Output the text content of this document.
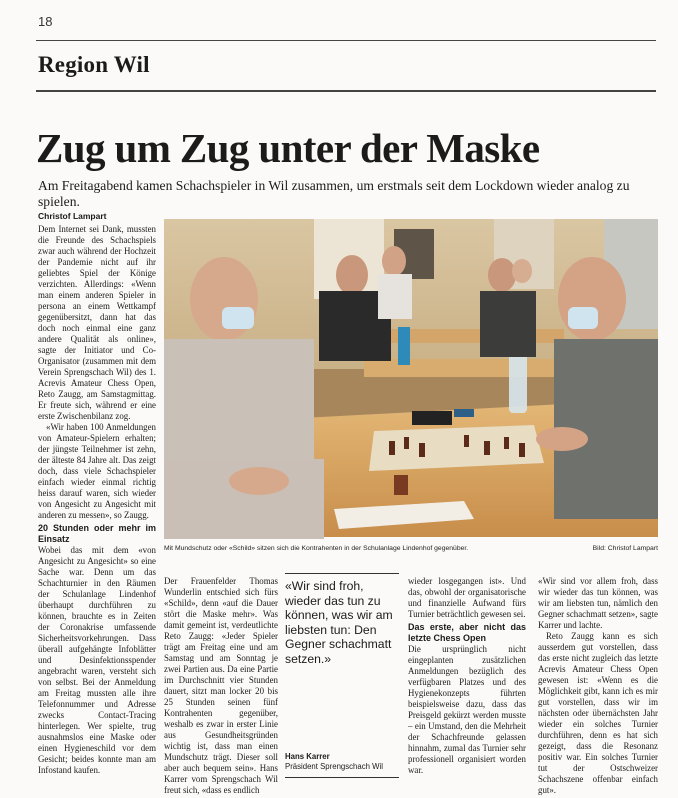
18
Region Wil
Zug um Zug unter der Maske
Am Freitagabend kamen Schachspieler in Wil zusammen, um erstmals seit dem Lockdown wieder analog zu spielen.
Christof Lampart

Dem Internet sei Dank, mussten die Freunde des Schachspiels zwar auch während der Hochzeit der Pandemie nicht auf ihr geliebtes Spiel der Könige verzichten. Allerdings: «Wenn man einem anderen Spieler in persona an einem Wettkampf gegenübersitzt, dann hat das doch noch einmal eine ganz andere Qualität als online», sagte der Initiator und Co-Organisator (zusammen mit dem Verein Sprengschach Wil) des 1. Acrevis Amateur Chess Open, Reto Zaugg, am Samstagmittag. Er freute sich, während er eine erste Zwischenbilanz zog.

«Wir haben 100 Anmeldungen von Amateur-Spielern erhalten; der jüngste Teilnehmer ist zehn, der älteste 84 Jahre alt. Das zeigt doch, dass viele Schachspieler einfach wieder einmal richtig heiss darauf waren, sich wieder von Angesicht zu Angesicht mit anderen zu messen», so Zaugg.

20 Stunden oder mehr im Einsatz

Wobei das mit dem «von Angesicht zu Angesicht» so eine Sache war. Denn um das Schachturnier in den Räumen der Schulanlage Lindenhof überhaupt durchführen zu können, brauchte es in Zeiten der Coronakrise umfassende Sicherheitsvorkehrungen. Dass überall aufgehängte Infoblätter und Desinfektionsspender angebracht waren, versteht sich von selbst. Bei der Anmeldung am Freitag mussten alle ihre Telefonnummer und Adresse zwecks Contact-Tracing hinterlegen. Wer spielte, trug ausnahmslos eine Maske oder einen Hygieneschild vor dem Gesicht; beides konnte man am Infostand kaufen.

Mit Mundschutz oder «Schild» sitzen sich die Kontrahenten in der Schulanlage Lindenhof gegenüber.	Bild: Christof Lampart

Der Frauenfelder Thomas Wunderlin entschied sich fürs «Schild», denn «auf die Dauer stört die Maske mehr». Was damit gemeint ist, verdeutlichte Reto Zaugg: «Jeder Spieler trägt am Freitag eine und am Samstag und am Sonntag je zwei Partien aus. Da eine Partie im Durchschnitt vier Stunden dauert, sitzt man locker 20 bis 25 Stunden seinen fünf Kontrahenten gegenüber, weshalb es zwar in erster Linie aus Gesundheitsgründen wichtig ist, dass man einen Mundschutz trägt. Dieser soll aber auch bequem sein». Hans Karrer vom Sprengschach Wil freut sich, «dass es endlich

«Wir sind froh, wieder das tun zu können, was wir am liebsten tun: Den Gegner schachmatt setzen.»
Hans Karrer
Präsident Sprengschach Wil

wieder losgegangen ist». Und das, obwohl der organisatorische und finanzielle Aufwand fürs Turnier beträchtlich gewesen sei.

Das erste, aber nicht das letzte Chess Open

Die ursprünglich nicht eingeplanten zusätzlichen Anmeldungen bezüglich des verfügbaren Platzes und des Hygienekonzepts führten beispielsweise dazu, dass das Preisgeld gekürzt werden musste – ein Umstand, den die Mehrheit der Schachfreunde gelassen hinnahm, zumal das Turnier sehr professionell organisiert worden war.

«Wir sind vor allem froh, dass wir wieder das tun können, was wir am liebsten tun, nämlich den Gegner schachmatt setzen», sagte Karrer und lachte.

Reto Zaugg kann es sich ausserdem gut vorstellen, dass das erste nicht zugleich das letzte Acrevis Amateur Chess Open gewesen ist: «Wenn es die Möglichkeit gibt, kann ich es mir gut vorstellen, dass wir im nächsten oder übernächsten Jahr wieder ein solches Turnier durchführen, denn es hat sich gezeigt, dass die Resonanz positiv war. Ein solches Turnier tut der Ostschweizer Schachszene offenbar einfach gut».
